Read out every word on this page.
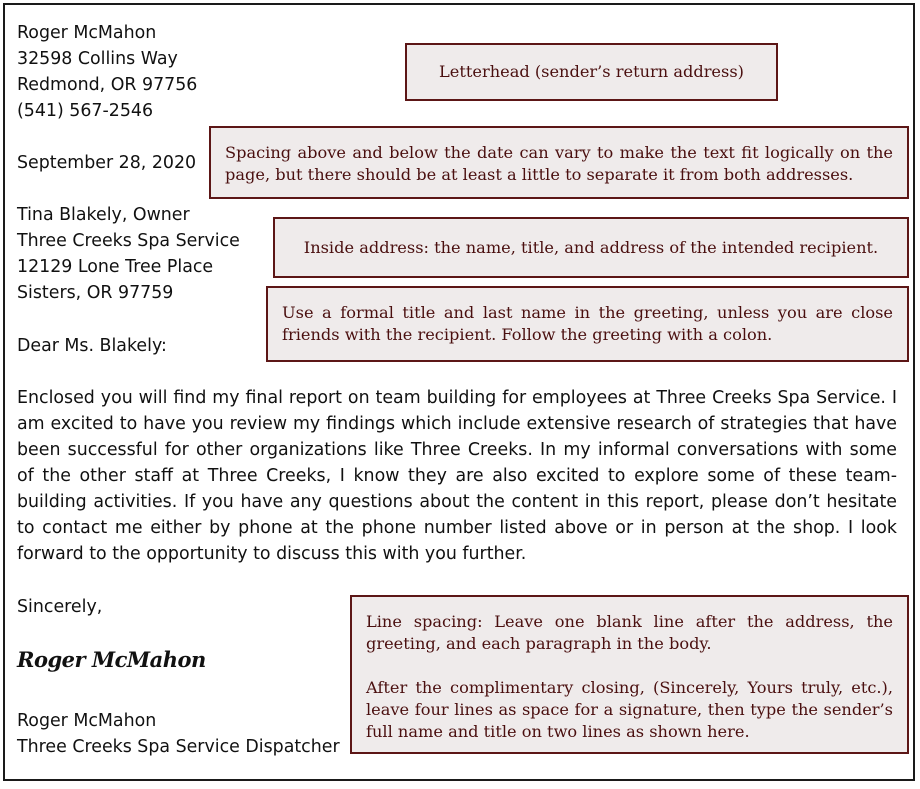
Roger McMahon
32598 Collins Way
Redmond, OR 97756
(541) 567-2546
September 28, 2020
Tina Blakely, Owner
Three Creeks Spa Service
12129 Lone Tree Place
Sisters, OR 97759
Dear Ms. Blakely:
Enclosed you will find my final report on team building for employees at Three Creeks Spa Service. I am excited to have you review my findings which include extensive research of strategies that have been successful for other organizations like Three Creeks. In my informal conversations with some of the other staff at Three Creeks, I know they are also excited to explore some of these team-building activities. If you have any questions about the content in this report, please don’t hesitate to contact me either by phone at the phone number listed above or in person at the shop. I look forward to the opportunity to discuss this with you further.
Sincerely,
Roger McMahon
Roger McMahon
Three Creeks Spa Service Dispatcher

Letterhead (sender’s return address)

Spacing above and below the date can vary to make the text fit logically on the page, but there should be at least a little to separate it from both addresses.

Inside address: the name, title, and address of the intended recipient.

Use a formal title and last name in the greeting, unless you are close friends with the recipient. Follow the greeting with a colon.

Line spacing: Leave one blank line after the address, the greeting, and each paragraph in the body.

After the complimentary closing, (Sincerely, Yours truly, etc.), leave four lines as space for a signature, then type the sender’s full name and title on two lines as shown here.
